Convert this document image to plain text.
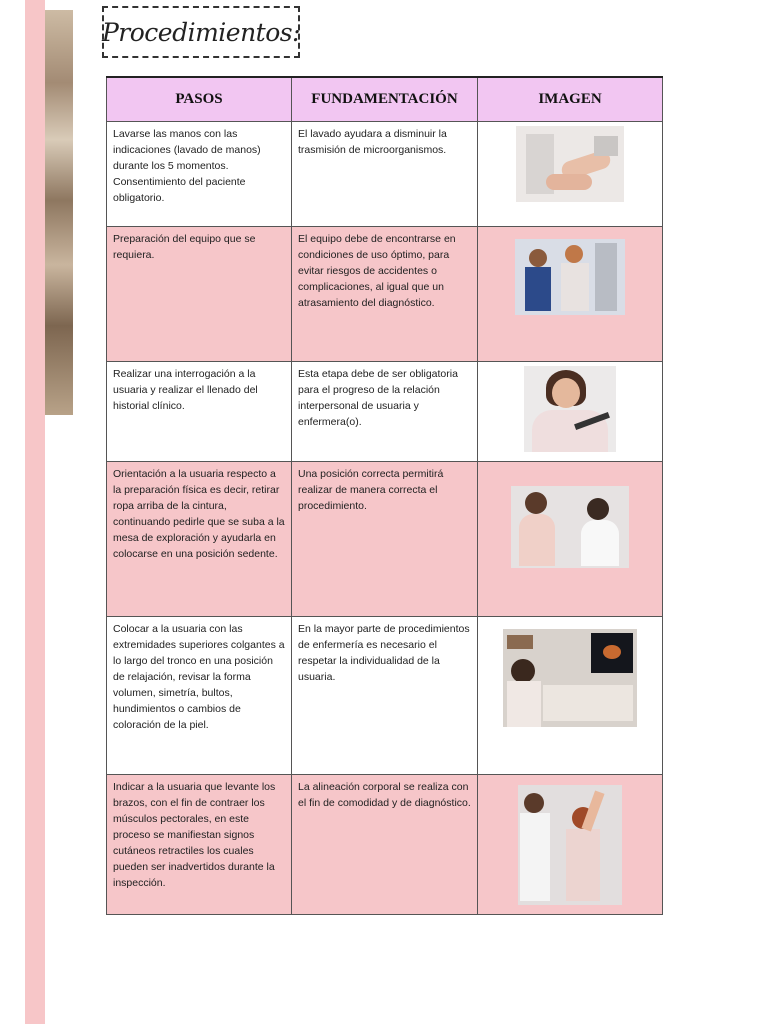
Procedimientos:
PASOS	FUNDAMENTACIÓN	IMAGEN
Lavarse las manos con las indicaciones (lavado de manos) durante los 5 momentos. Consentimiento del paciente obligatorio.	El lavado ayudara a disminuir la trasmisión de microorganismos.	

Preparación del equipo que se requiera.	El equipo debe de encontrarse en condiciones de uso óptimo, para evitar riesgos de accidentes o complicaciones, al igual que un atrasamiento del diagnóstico.	

Realizar una interrogación a la usuaria y realizar el llenado del historial clínico.	Esta etapa debe de ser obligatoria para el progreso de la relación interpersonal de usuaria y enfermera(o).	

Orientación a la usuaria respecto a la preparación física es decir, retirar ropa arriba de la cintura, continuando pedirle que se suba a la mesa de exploración y ayudarla en colocarse en una posición sedente.	Una posición correcta permitirá realizar de manera correcta el procedimiento.	

Colocar a la usuaria con las extremidades superiores colgantes a lo largo del tronco en una posición de relajación, revisar la forma volumen, simetría, bultos, hundimientos o cambios de coloración de la piel.	En la mayor parte de procedimientos de enfermería es necesario el respetar la individualidad de la usuaria.	

Indicar a la usuaria que levante los brazos, con el fin de contraer los músculos pectorales, en este proceso se manifiestan signos cutáneos retractiles los cuales pueden ser inadvertidos durante la inspección.	La alineación corporal se realiza con el fin de comodidad y de diagnóstico.	
